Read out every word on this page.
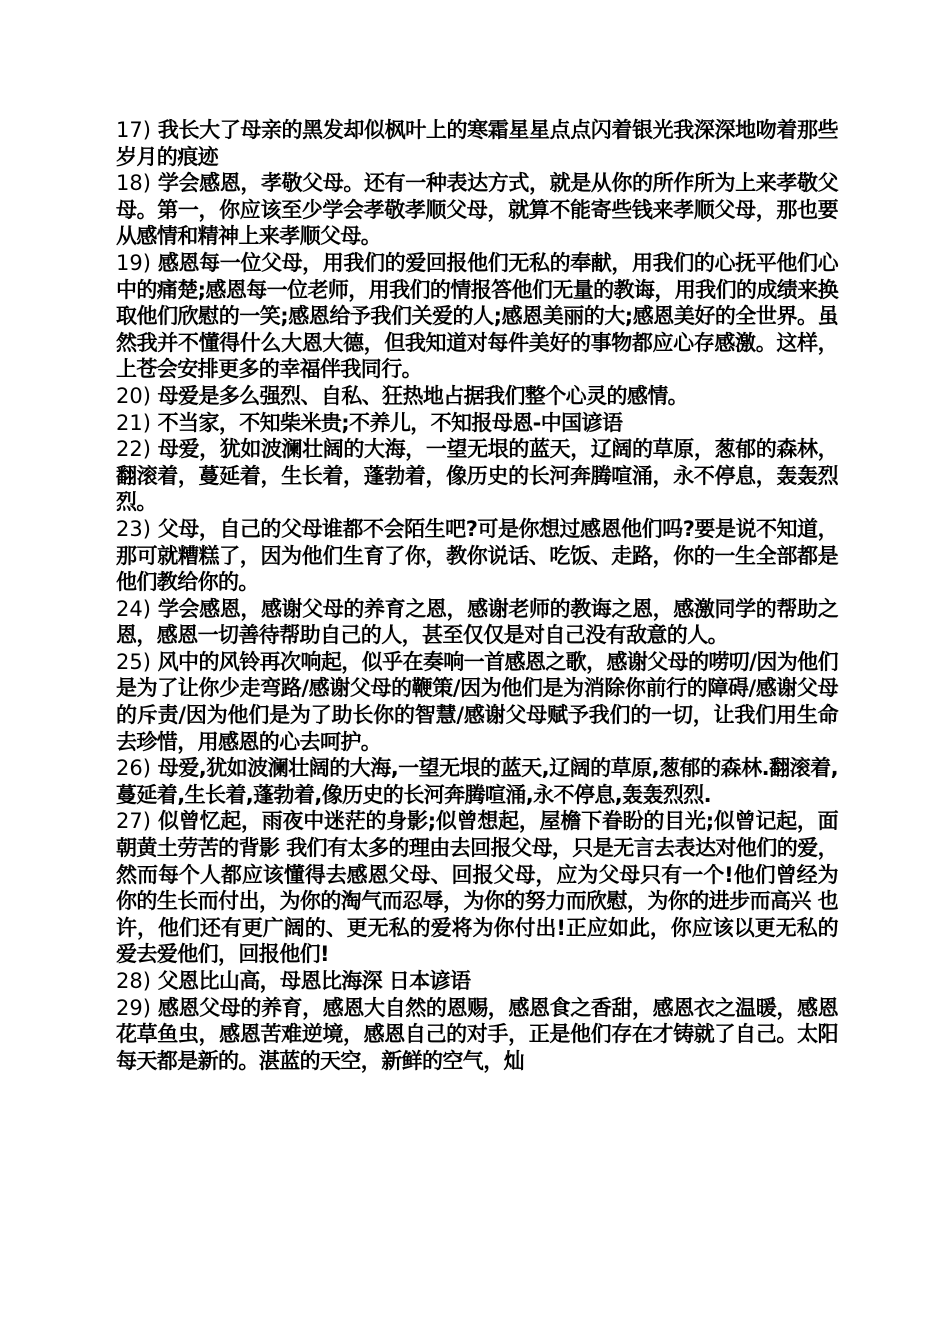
17) 我长大了母亲的黑发却似枫叶上的寒霜星星点点闪着银光我深深地吻着那些岁月的痕迹

18) 学会感恩，孝敬父母。还有一种表达方式，就是从你的所作所为上来孝敬父母。第一，你应该至少学会孝敬孝顺父母，就算不能寄些钱来孝顺父母，那也要从感情和精神上来孝顺父母。

19) 感恩每一位父母，用我们的爱回报他们无私的奉献，用我们的心抚平他们心中的痛楚;感恩每一位老师，用我们的情报答他们无量的教诲，用我们的成绩来换取他们欣慰的一笑;感恩给予我们关爱的人;感恩美丽的大;感恩美好的全世界。虽然我并不懂得什么大恩大德，但我知道对每件美好的事物都应心存感激。这样，上苍会安排更多的幸福伴我同行。

20) 母爱是多么强烈、自私、狂热地占据我们整个心灵的感情。

21) 不当家，不知柴米贵;不养儿，不知报母恩-中国谚语

22) 母爱，犹如波澜壮阔的大海，一望无垠的蓝天，辽阔的草原，葱郁的森林，翻滚着，蔓延着，生长着，蓬勃着，像历史的长河奔腾喧涌，永不停息，轰轰烈烈。

23) 父母，自己的父母谁都不会陌生吧?可是你想过感恩他们吗?要是说不知道，那可就糟糕了，因为他们生育了你，教你说话、吃饭、走路，你的一生全部都是他们教给你的。

24) 学会感恩，感谢父母的养育之恩，感谢老师的教诲之恩，感激同学的帮助之恩，感恩一切善待帮助自己的人，甚至仅仅是对自己没有敌意的人。

25) 风中的风铃再次响起，似乎在奏响一首感恩之歌，感谢父母的唠叨/因为他们是为了让你少走弯路/感谢父母的鞭策/因为他们是为消除你前行的障碍/感谢父母的斥责/因为他们是为了助长你的智慧/感谢父母赋予我们的一切，让我们用生命去珍惜，用感恩的心去呵护。

26) 母爱,犹如波澜壮阔的大海,一望无垠的蓝天,辽阔的草原,葱郁的森林.翻滚着,蔓延着,生长着,蓬勃着,像历史的长河奔腾喧涌,永不停息,轰轰烈烈.

27) 似曾忆起，雨夜中迷茫的身影;似曾想起，屋檐下眷盼的目光;似曾记起，面朝黄土劳苦的背影 我们有太多的理由去回报父母，只是无言去表达对他们的爱，然而每个人都应该懂得去感恩父母、回报父母，应为父母只有一个!他们曾经为你的生长而付出，为你的淘气而忍辱，为你的努力而欣慰，为你的进步而高兴 也许，他们还有更广阔的、更无私的爱将为你付出!正应如此，你应该以更无私的爱去爱他们，回报他们!

28) 父恩比山高，母恩比海深 日本谚语

29) 感恩父母的养育，感恩大自然的恩赐，感恩食之香甜，感恩衣之温暖，感恩花草鱼虫，感恩苦难逆境，感恩自己的对手，正是他们存在才铸就了自己。太阳每天都是新的。湛蓝的天空，新鲜的空气，灿
